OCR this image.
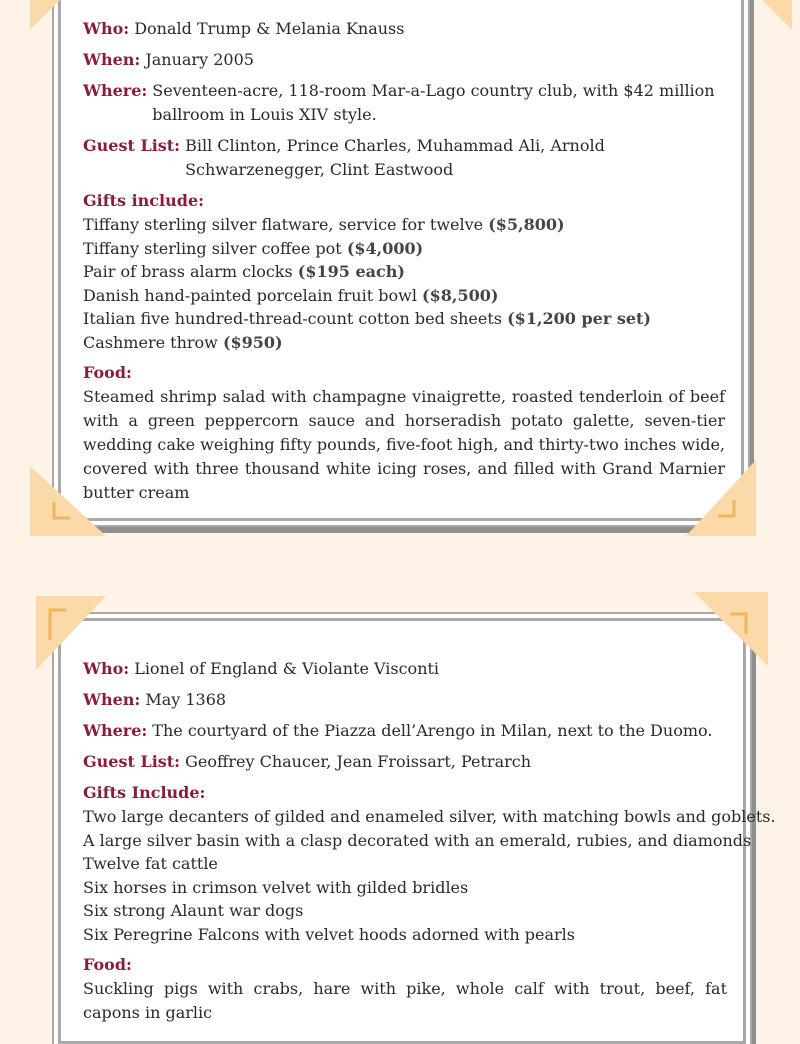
Who: Donald Trump & Melania Knauss
When: January 2005
Where: Seventeen-acre, 118-room Mar-a-Lago country club, with $42 million ballroom in Louis XIV style.
Guest List: Bill Clinton, Prince Charles, Muhammad Ali, Arnold Schwarzenegger, Clint Eastwood
Gifts include:
Tiffany sterling silver flatware, service for twelve ($5,800)
Tiffany sterling silver coffee pot ($4,000)
Pair of brass alarm clocks ($195 each)
Danish hand-painted porcelain fruit bowl ($8,500)
Italian five hundred-thread-count cotton bed sheets ($1,200 per set)
Cashmere throw ($950)
Food:
Steamed shrimp salad with champagne vinaigrette, roasted tenderloin of beef with a green peppercorn sauce and horseradish potato galette, seven-tier wedding cake weighing fifty pounds, five-foot high, and thirty-two inches wide, covered with three thousand white icing roses, and filled with Grand Marnier butter cream
Who: Lionel of England & Violante Visconti
When: May 1368
Where: The courtyard of the Piazza dell’Arengo in Milan, next to the Duomo.
Guest List: Geoffrey Chaucer, Jean Froissart, Petrarch
Gifts Include:
Two large decanters of gilded and enameled silver, with matching bowls and goblets.
A large silver basin with a clasp decorated with an emerald, rubies, and diamonds
Twelve fat cattle
Six horses in crimson velvet with gilded bridles
Six strong Alaunt war dogs
Six Peregrine Falcons with velvet hoods adorned with pearls
Food:
Suckling pigs with crabs, hare with pike, whole calf with trout, beef, fat capons in garlic
